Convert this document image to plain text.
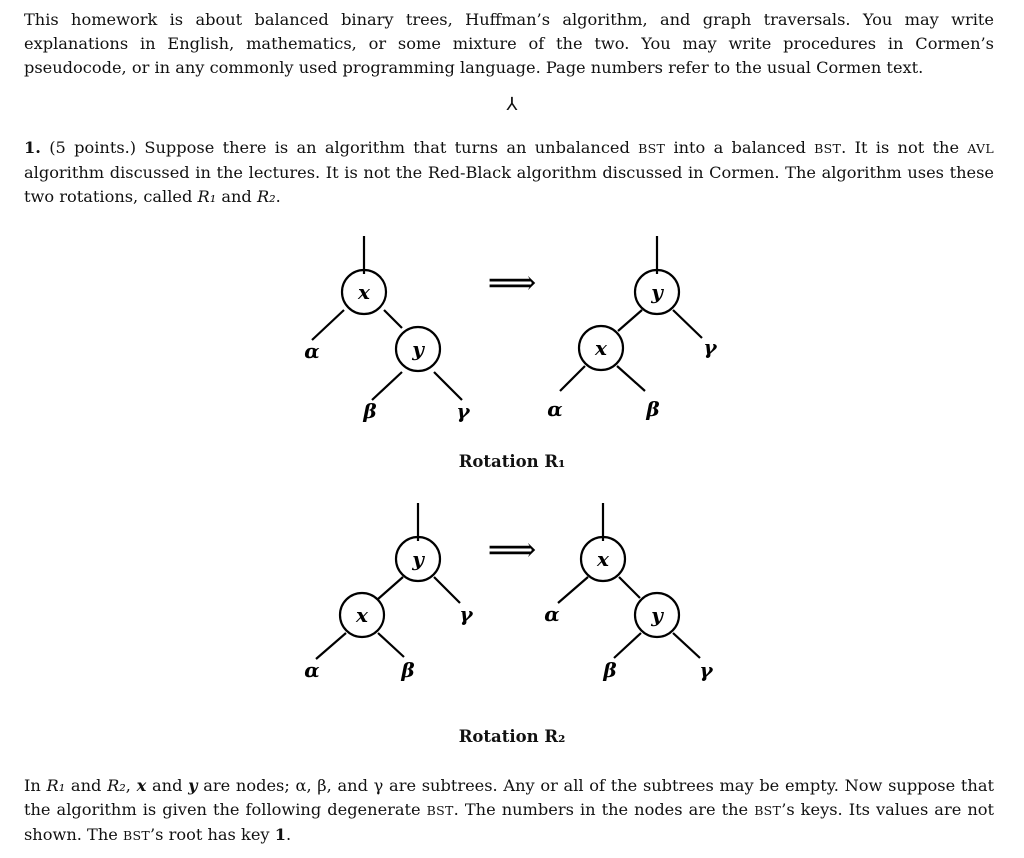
This homework is about balanced binary trees, Huffman’s algorithm, and graph traversals. You may write explanations in English, mathematics, or some mixture of the two. You may write procedures in Cormen’s pseudocode, or in any commonly used programming language. Page numbers refer to the usual Cormen text.

⅄

1. (5 points.) Suppose there is an algorithm that turns an unbalanced BST into a balanced BST. It is not the AVL algorithm discussed in the lectures. It is not the Red-Black algorithm discussed in Cormen. The algorithm uses these two rotations, called R₁ and R₂.

x
y
α
β	γ
y
x	γ
α	β
⟹
Rotation R₁
y
x	γ
α	β
x
y
α
β	γ
⟹
Rotation R₂

In R₁ and R₂, x and y are nodes; α, β, and γ are subtrees. Any or all of the subtrees may be empty. Now suppose that the algorithm is given the following degenerate BST. The numbers in the nodes are the BST’s keys. Its values are not shown. The BST’s root has key 1.
